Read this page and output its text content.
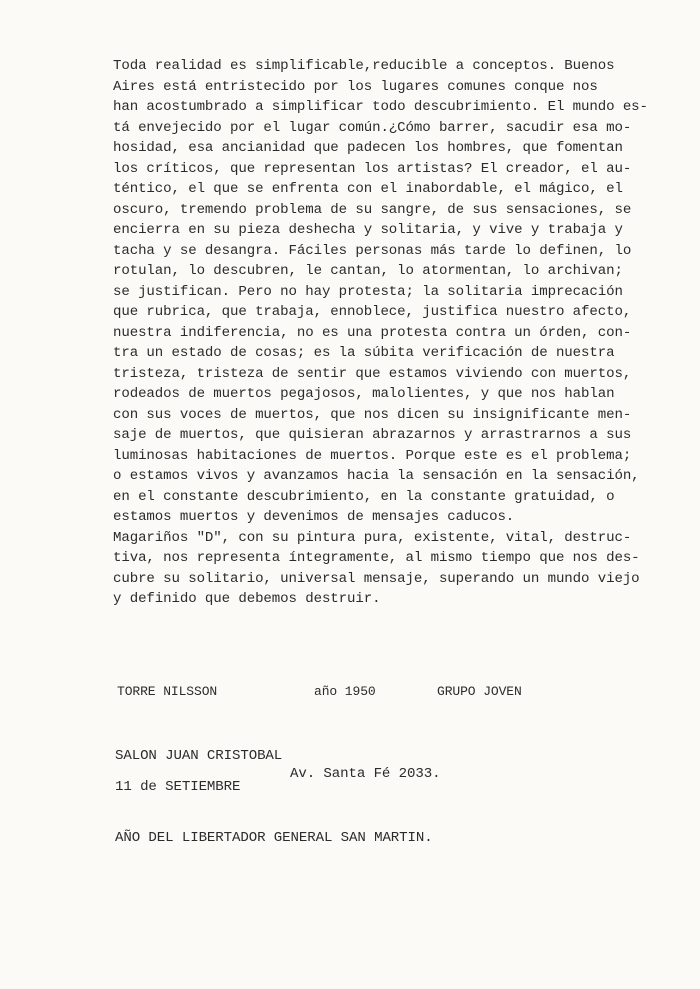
Toda realidad es simplificable,reducible a conceptos. Buenos
Aires está entristecido por los lugares comunes conque nos
han acostumbrado a simplificar todo descubrimiento. El mundo es-
tá envejecido por el lugar común.¿Cómo barrer, sacudir esa mo-
hosidad, esa ancianidad que padecen los hombres, que fomentan
los críticos, que representan los artistas? El creador, el au-
téntico, el que se enfrenta con el inabordable, el mágico, el
oscuro, tremendo problema de su sangre, de sus sensaciones, se
encierra en su pieza deshecha y solitaria, y vive y trabaja y
tacha y se desangra. Fáciles personas más tarde lo definen, lo
rotulan, lo descubren, le cantan, lo atormentan, lo archivan;
se justifican. Pero no hay protesta; la solitaria imprecación
que rubrica, que trabaja, ennoblece, justifica nuestro afecto,
nuestra indiferencia, no es una protesta contra un órden, con-
tra un estado de cosas; es la súbita verificación de nuestra
tristeza, tristeza de sentir que estamos viviendo con muertos,
rodeados de muertos pegajosos, malolientes, y que nos hablan
con sus voces de muertos, que nos dicen su insignificante men-
saje de muertos, que quisieran abrazarnos y arrastrarnos a sus
luminosas habitaciones de muertos. Porque este es el problema;
o estamos vivos y avanzamos hacia la sensación en la sensación,
en el constante descubrimiento, en la constante gratuidad, o
estamos muertos y devenimos de mensajes caducos.
Magariños "D", con su pintura pura, existente, vital, destruc-
tiva, nos representa íntegramente, al mismo tiempo que nos des-
cubre su solitario, universal mensaje, superando un mundo viejo
y definido que debemos destruir.
TORRE NILSSON	año 1950	GRUPO JOVEN
SALON JUAN CRISTOBAL
Av. Santa Fé 2033.
11 de SETIEMBRE
AÑO DEL LIBERTADOR GENERAL SAN MARTIN.
